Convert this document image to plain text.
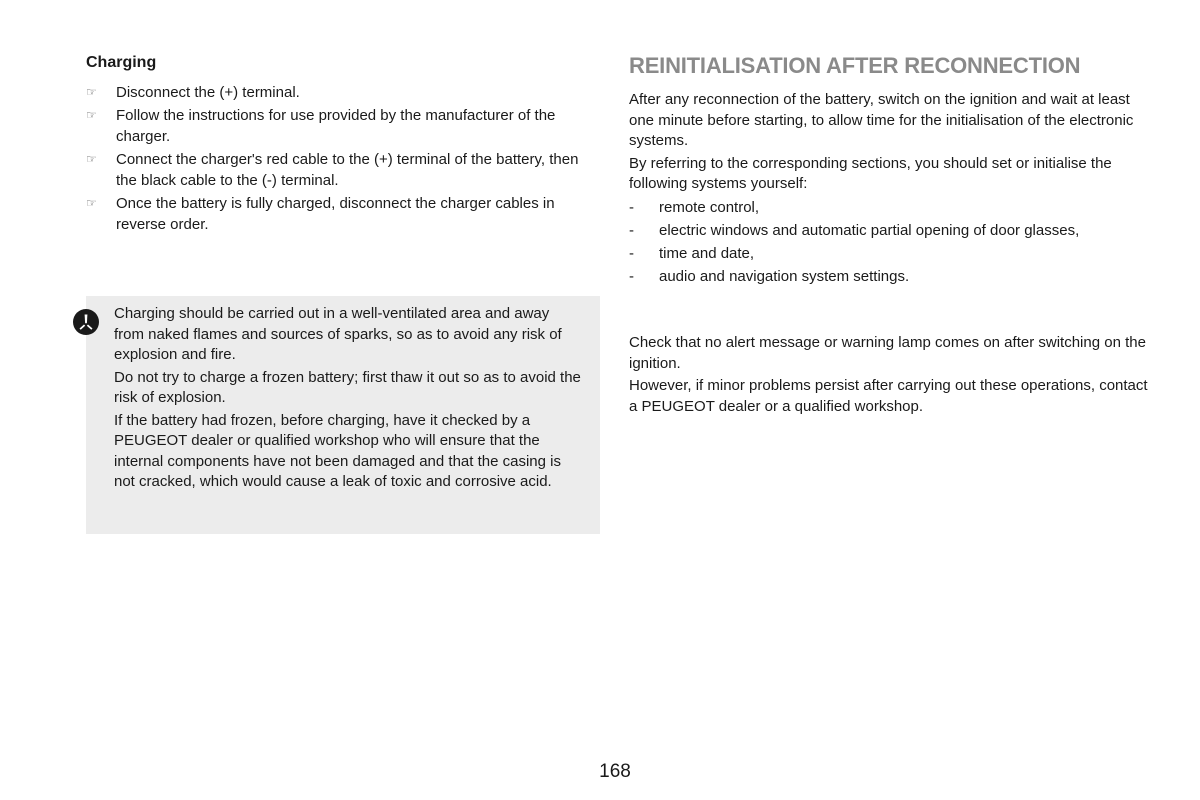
Charging
☞	Disconnect the (+) terminal.
☞	Follow the instructions for use provided by the manufacturer of the charger.
☞	Connect the charger's red cable to the (+) terminal of the battery, then the black cable to the (-) terminal.
☞	Once the battery is fully charged, disconnect the charger cables in reverse order.

Charging should be carried out in a well-ventilated area and away from naked flames and sources of sparks, so as to avoid any risk of explosion and fire.

Do not try to charge a frozen battery; first thaw it out so as to avoid the risk of explosion.

If the battery had frozen, before charging, have it checked by a PEUGEOT dealer or qualified workshop who will ensure that the internal components have not been damaged and that the casing is not cracked, which would cause a leak of toxic and corrosive acid.

REINITIALISATION AFTER RECONNECTION

After any reconnection of the battery, switch on the ignition and wait at least one minute before starting, to allow time for the initialisation of the electronic systems.

By referring to the corresponding sections, you should set or initialise the following systems yourself:

- remote control,
- electric windows and automatic partial opening of door glasses,
- time and date,
- audio and navigation system settings.

Check that no alert message or warning lamp comes on after switching on the ignition.

However, if minor problems persist after carrying out these operations, contact a PEUGEOT dealer or a qualified workshop.

168
